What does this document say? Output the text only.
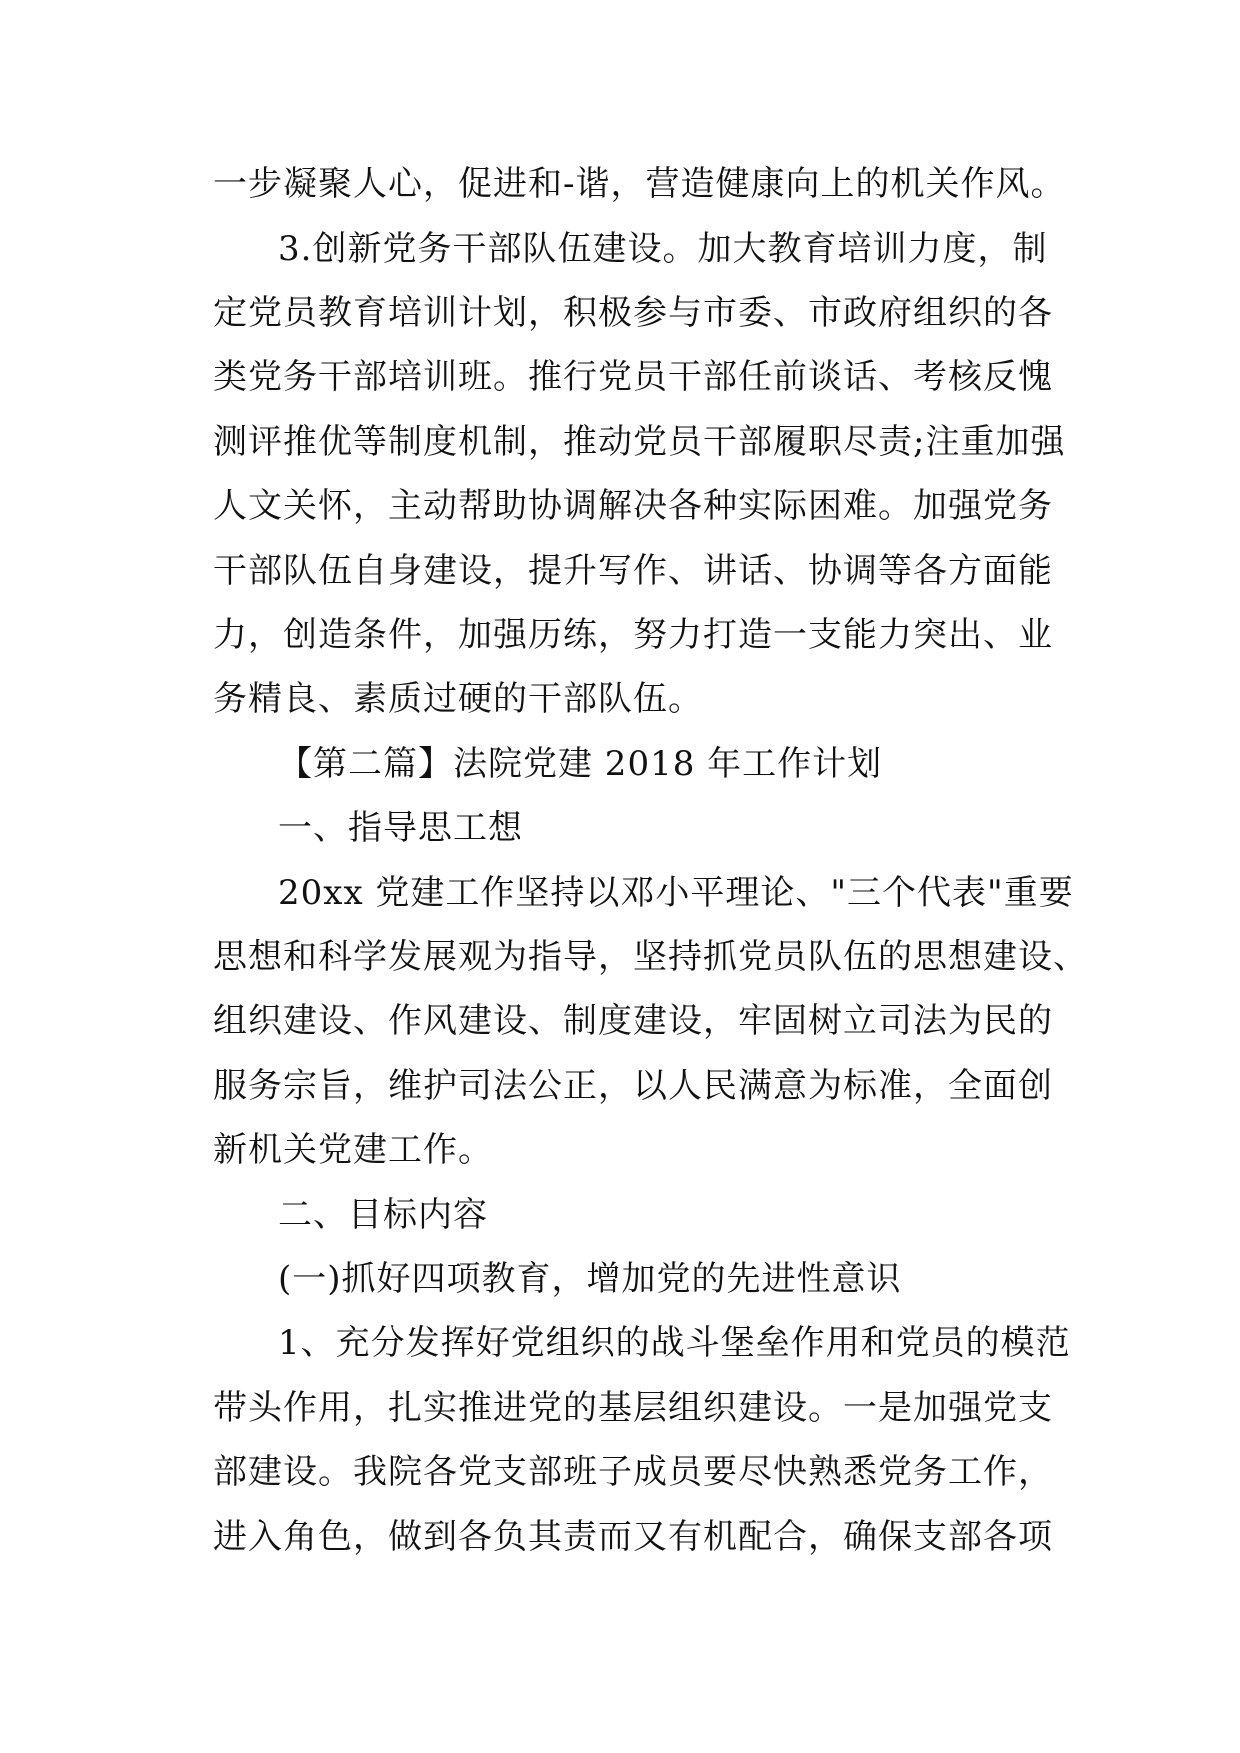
一步凝聚人心，促进和-谐，营造健康向上的机关作风。
3.创新党务干部队伍建设。加大教育培训力度，制
定党员教育培训计划，积极参与市委、市政府组织的各
类党务干部培训班。推行党员干部任前谈话、考核反愧
测评推优等制度机制，推动党员干部履职尽责;注重加强
人文关怀，主动帮助协调解决各种实际困难。加强党务
干部队伍自身建设，提升写作、讲话、协调等各方面能
力，创造条件，加强历练，努力打造一支能力突出、业
务精良、素质过硬的干部队伍。
【第二篇】法院党建 2018 年工作计划
一、指导思工想
20xx 党建工作坚持以邓小平理论、"三个代表"重要
思想和科学发展观为指导，坚持抓党员队伍的思想建设、
组织建设、作风建设、制度建设，牢固树立司法为民的
服务宗旨，维护司法公正，以人民满意为标准，全面创
新机关党建工作。
二、目标内容
(一)抓好四项教育，增加党的先进性意识
1、充分发挥好党组织的战斗堡垒作用和党员的模范
带头作用，扎实推进党的基层组织建设。一是加强党支
部建设。我院各党支部班子成员要尽快熟悉党务工作，
进入角色，做到各负其责而又有机配合，确保支部各项
